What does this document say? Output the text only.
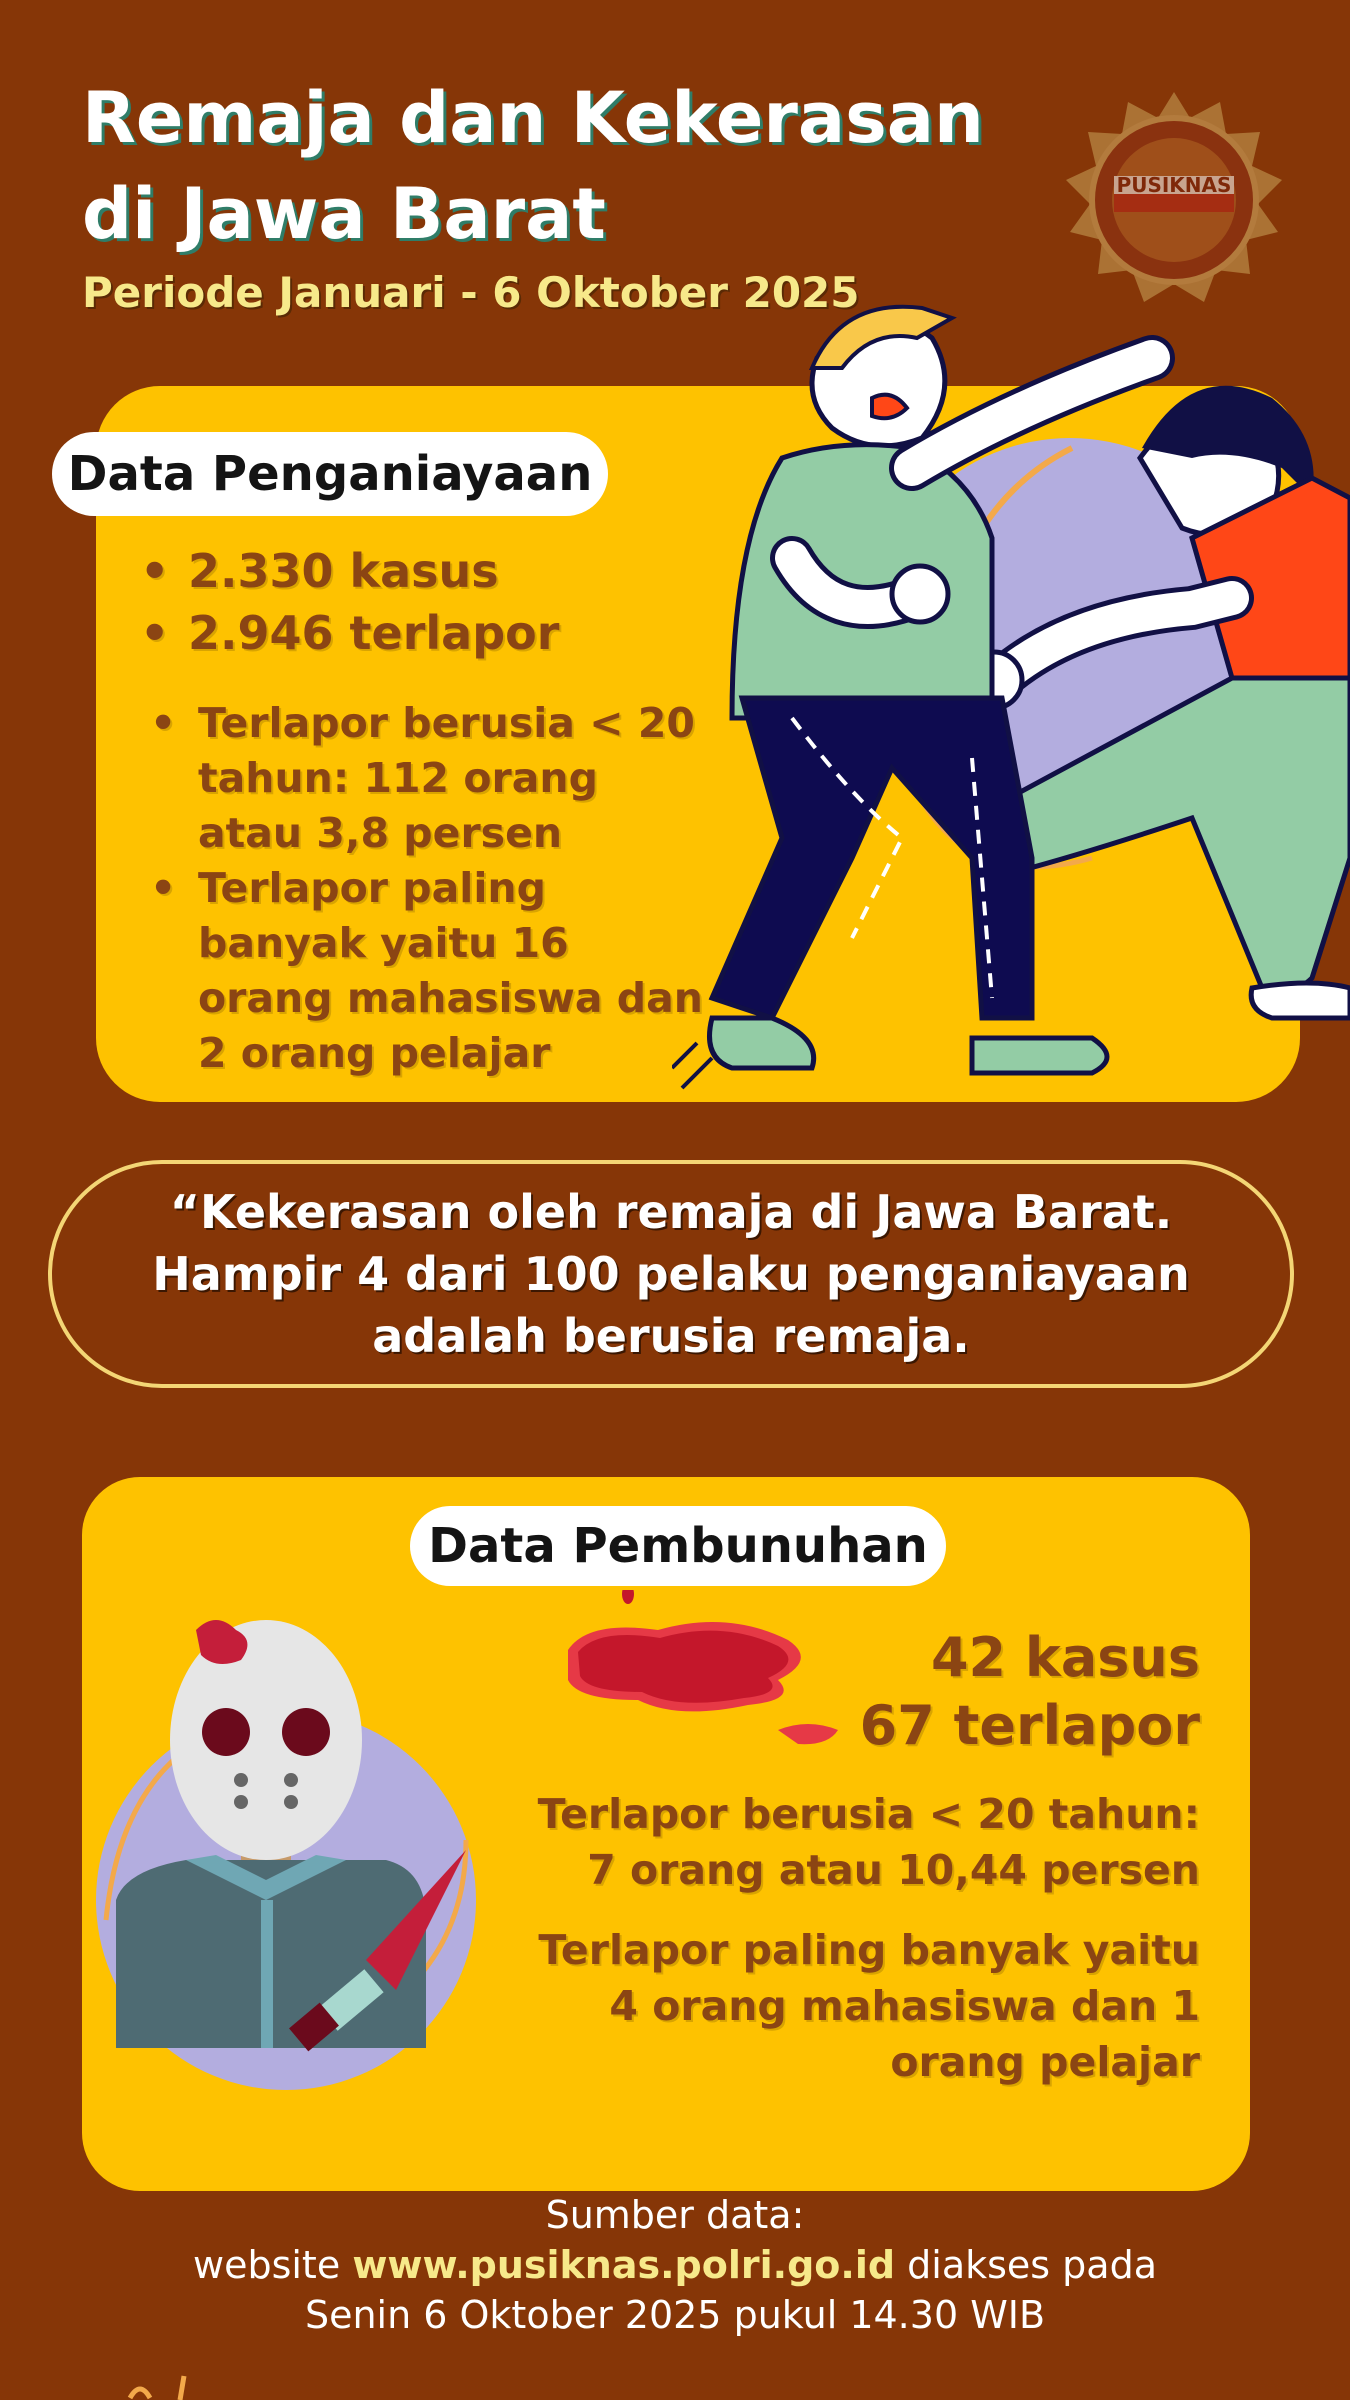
Remaja dan Kekerasan di Jawa Barat
Periode Januari - 6 Oktober 2025
PUSIKNAS
Data Penganiayaan
• 2.330 kasus
• 2.946 terlapor
• Terlapor berusia < 20 tahun: 112 orang atau 3,8 persen
• Terlapor paling banyak yaitu 16 orang mahasiswa dan 2 orang pelajar
“Kekerasan oleh remaja di Jawa Barat. Hampir 4 dari 100 pelaku penganiayaan adalah berusia remaja.
Data Pembunuhan
42 kasus
67 terlapor
Terlapor berusia < 20 tahun: 7 orang atau 10,44 persen
Terlapor paling banyak yaitu 4 orang mahasiswa dan 1 orang pelajar
Sumber data:
website www.pusiknas.polri.go.id diakses pada
Senin 6 Oktober 2025 pukul 14.30 WIB
